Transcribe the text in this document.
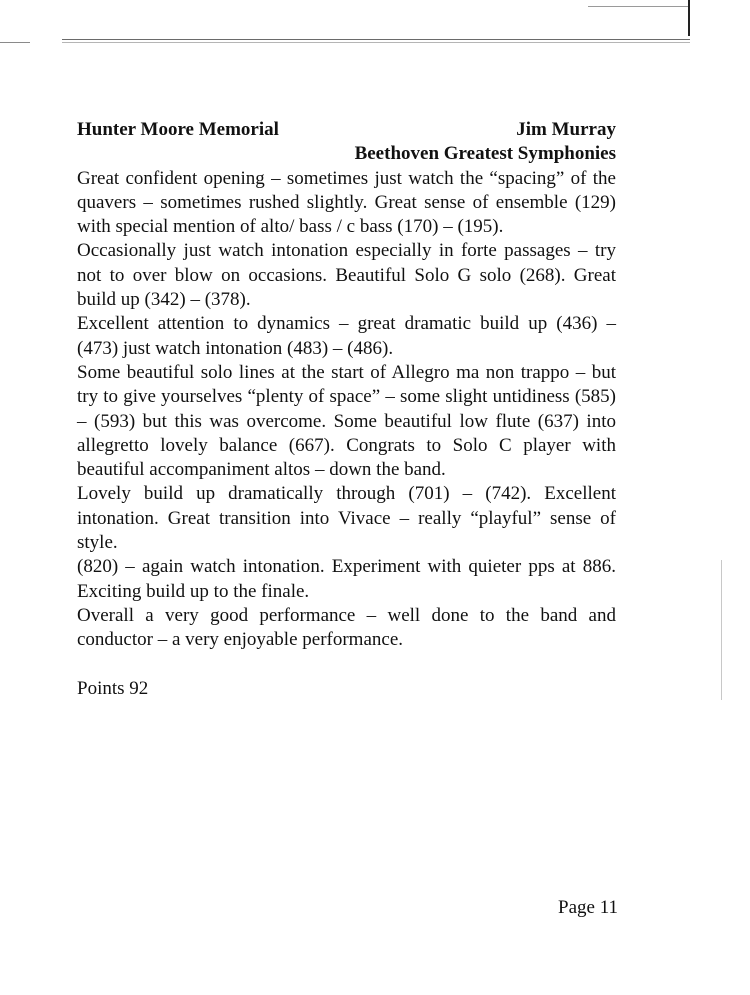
Hunter Moore Memorial	Jim Murray
Beethoven Greatest Symphonies

Great confident opening – sometimes just watch the “spacing” of the quavers – sometimes rushed slightly. Great sense of ensemble (129) with special mention of alto/ bass / c bass (170) – (195).

Occasionally just watch intonation especially in forte passages – try not to over blow on occasions. Beautiful Solo G solo (268). Great build up (342) – (378).

Excellent attention to dynamics – great dramatic build up (436) – (473) just watch intonation (483) – (486).

Some beautiful solo lines at the start of Allegro ma non trappo – but try to give yourselves “plenty of space” – some slight untidiness (585) – (593) but this was overcome. Some beautiful low flute (637) into allegretto lovely balance (667). Congrats to Solo C player with beautiful accompaniment altos – down the band.

Lovely build up dramatically through (701) – (742). Excellent intonation. Great transition into Vivace – really “playful” sense of style.

(820) – again watch intonation. Experiment with quieter pps at 886. Exciting build up to the finale.

Overall a very good performance – well done to the band and conductor – a very enjoyable performance.

Points 92
Page 11
